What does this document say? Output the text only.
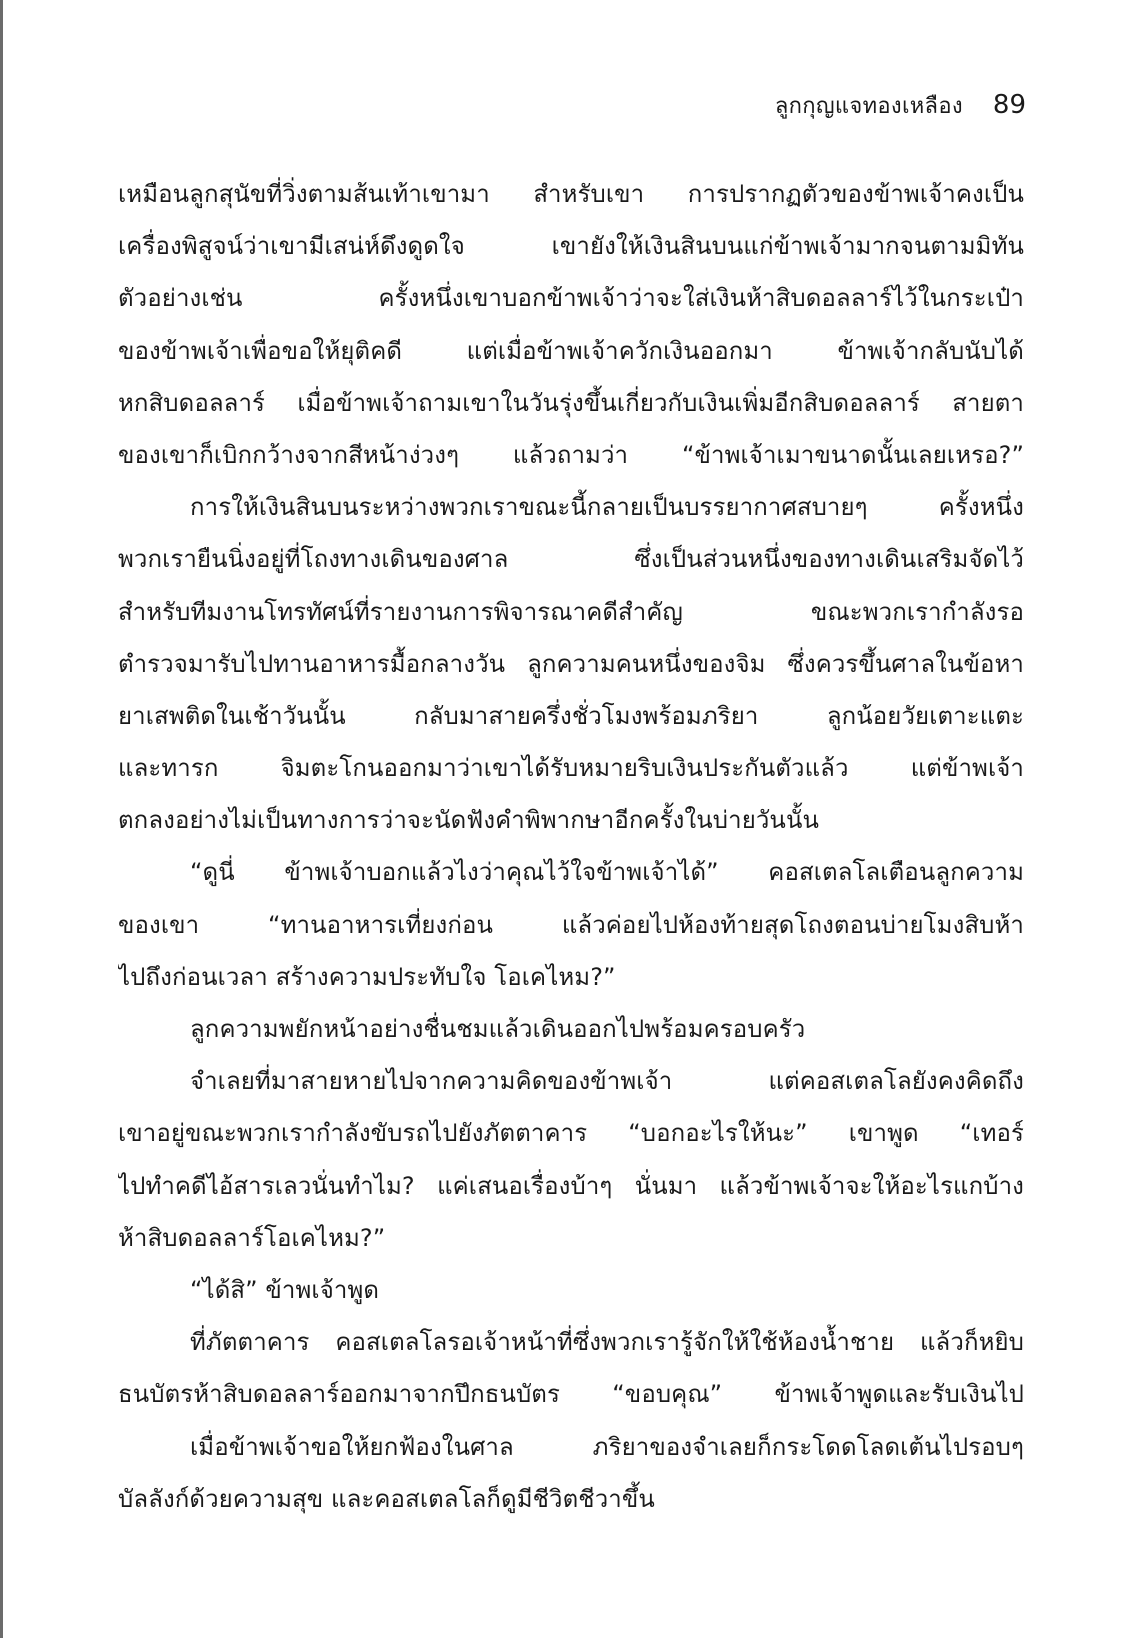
ลูกกุญแจทองเหลือง 89
เหมือนลูกสุนัขที่วิ่งตามส้นเท้าเขามา สำหรับเขา การปรากฏตัวของข้าพเจ้าคงเป็น
เครื่องพิสูจน์ว่าเขามีเสน่ห์ดึงดูดใจ เขายังให้เงินสินบนแก่ข้าพเจ้ามากจนตามมิทัน
ตัวอย่างเช่น ครั้งหนึ่งเขาบอกข้าพเจ้าว่าจะใส่เงินห้าสิบดอลลาร์ไว้ในกระเป๋า
ของข้าพเจ้าเพื่อขอให้ยุติคดี แต่เมื่อข้าพเจ้าควักเงินออกมา ข้าพเจ้ากลับนับได้
หกสิบดอลลาร์ เมื่อข้าพเจ้าถามเขาในวันรุ่งขึ้นเกี่ยวกับเงินเพิ่มอีกสิบดอลลาร์ สายตา
ของเขาก็เบิกกว้างจากสีหน้าง่วงๆ แล้วถามว่า “ข้าพเจ้าเมาขนาดนั้นเลยเหรอ?”
การให้เงินสินบนระหว่างพวกเราขณะนี้กลายเป็นบรรยากาศสบายๆ ครั้งหนึ่ง
พวกเรายืนนิ่งอยู่ที่โถงทางเดินของศาล ซึ่งเป็นส่วนหนึ่งของทางเดินเสริมจัดไว้
สำหรับทีมงานโทรทัศน์ที่รายงานการพิจารณาคดีสำคัญ ขณะพวกเรากำลังรอ
ตำรวจมารับไปทานอาหารมื้อกลางวัน ลูกความคนหนึ่งของจิม ซึ่งควรขึ้นศาลในข้อหา
ยาเสพติดในเช้าวันนั้น กลับมาสายครึ่งชั่วโมงพร้อมภริยา ลูกน้อยวัยเตาะแตะ
และทารก จิมตะโกนออกมาว่าเขาได้รับหมายริบเงินประกันตัวแล้ว แต่ข้าพเจ้า
ตกลงอย่างไม่เป็นทางการว่าจะนัดฟังคำพิพากษาอีกครั้งในบ่ายวันนั้น
“ดูนี่ ข้าพเจ้าบอกแล้วไงว่าคุณไว้ใจข้าพเจ้าได้” คอสเตลโลเตือนลูกความ
ของเขา “ทานอาหารเที่ยงก่อน แล้วค่อยไปห้องท้ายสุดโถงตอนบ่ายโมงสิบห้า
ไปถึงก่อนเวลา สร้างความประทับใจ โอเคไหม?”
ลูกความพยักหน้าอย่างชื่นชมแล้วเดินออกไปพร้อมครอบครัว
จำเลยที่มาสายหายไปจากความคิดของข้าพเจ้า แต่คอสเตลโลยังคงคิดถึง
เขาอยู่ขณะพวกเรากำลังขับรถไปยังภัตตาคาร “บอกอะไรให้นะ” เขาพูด “เทอร์
ไปทำคดีไอ้สารเลวนั่นทำไม? แค่เสนอเรื่องบ้าๆ นั่นมา แล้วข้าพเจ้าจะให้อะไรแกบ้าง
ห้าสิบดอลลาร์โอเคไหม?”
“ได้สิ” ข้าพเจ้าพูด
ที่ภัตตาคาร คอสเตลโลรอเจ้าหน้าที่ซึ่งพวกเรารู้จักให้ใช้ห้องน้ำชาย แล้วก็หยิบ
ธนบัตรห้าสิบดอลลาร์ออกมาจากปึกธนบัตร “ขอบคุณ” ข้าพเจ้าพูดและรับเงินไป
เมื่อข้าพเจ้าขอให้ยกฟ้องในศาล ภริยาของจำเลยก็กระโดดโลดเต้นไปรอบๆ
บัลลังก์ด้วยความสุข และคอสเตลโลก็ดูมีชีวิตชีวาขึ้น
